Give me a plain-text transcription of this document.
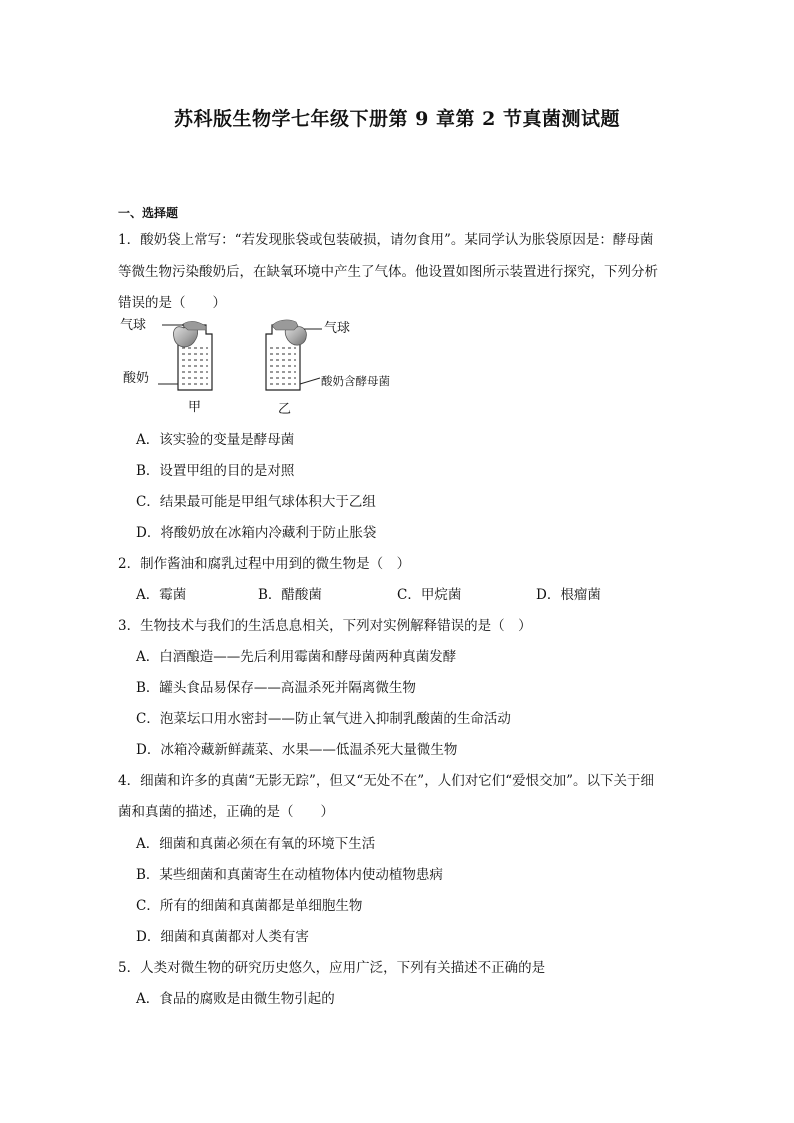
苏科版生物学七年级下册第 9 章第 2 节真菌测试题
一、选择题
1．酸奶袋上常写：“若发现胀袋或包装破损，请勿食用”。某同学认为胀袋原因是：酵母菌
等微生物污染酸奶后，在缺氧环境中产生了气体。他设置如图所示装置进行探究，下列分析
错误的是（　　）
气球
酸奶
甲
气球
酸奶含酵母菌
乙
A．该实验的变量是酵母菌
B．设置甲组的目的是对照
C．结果最可能是甲组气球体积大于乙组
D．将酸奶放在冰箱内冷藏利于防止胀袋
2．制作酱油和腐乳过程中用到的微生物是（　）
A．霉菌	B．醋酸菌	C．甲烷菌	D．根瘤菌
3．生物技术与我们的生活息息相关，下列对实例解释错误的是（　）
A．白酒酿造——先后利用霉菌和酵母菌两种真菌发酵
B．罐头食品易保存——高温杀死并隔离微生物
C．泡菜坛口用水密封——防止氧气进入抑制乳酸菌的生命活动
D．冰箱冷藏新鲜蔬菜、水果——低温杀死大量微生物
4．细菌和许多的真菌“无影无踪”，但又“无处不在”，人们对它们“爱恨交加”。以下关于细
菌和真菌的描述，正确的是（　　）
A．细菌和真菌必须在有氧的环境下生活
B．某些细菌和真菌寄生在动植物体内使动植物患病
C．所有的细菌和真菌都是单细胞生物
D．细菌和真菌都对人类有害
5．人类对微生物的研究历史悠久，应用广泛，下列有关描述不正确的是
A．食品的腐败是由微生物引起的
